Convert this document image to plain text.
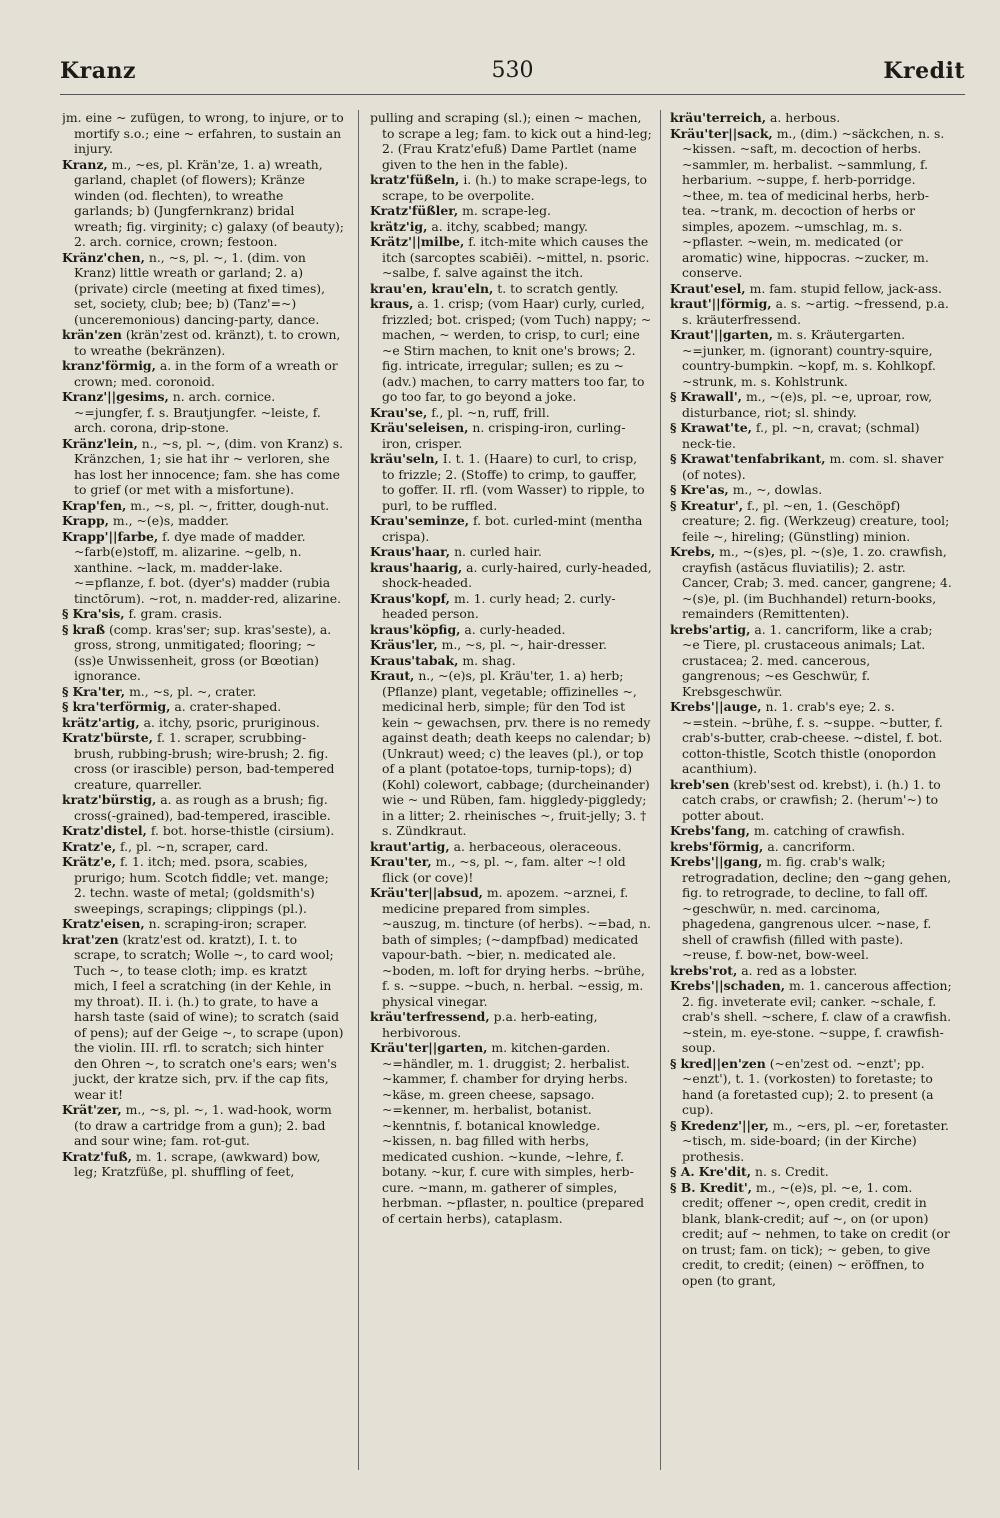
Kranz	530	Kredit

jm. eine ~ zufügen, to wrong, to injure, or to mortify s.o.; eine ~ erfahren, to sustain an injury.

Kranz, m., ~es, pl. Krän'ze, 1. a) wreath, garland, chaplet (of flowers); Kränze winden (od. flechten), to wreathe garlands; b) (Jungfernkranz) bridal wreath; fig. virginity; c) galaxy (of beauty); 2. arch. cornice, crown; festoon.

Kränz'chen, n., ~s, pl. ~, 1. (dim. von Kranz) little wreath or garland; 2. a) (private) circle (meeting at fixed times), set, society, club; bee; b) (Tanz'=~) (unceremonious) dancing-party, dance.

krän'zen (krän'zest od. kränzt), t. to crown, to wreathe (bekränzen).

kranz'förmig, a. in the form of a wreath or crown; med. coronoid.

Kranz'||gesims, n. arch. cornice. ~=jungfer, f. s. Brautjungfer. ~leiste, f. arch. corona, drip-stone.

Kränz'lein, n., ~s, pl. ~, (dim. von Kranz) s. Kränzchen, 1; sie hat ihr ~ verloren, she has lost her innocence; fam. she has come to grief (or met with a misfortune).

Krap'fen, m., ~s, pl. ~, fritter, dough-nut.

Krapp, m., ~(e)s, madder.

Krapp'||farbe, f. dye made of madder. ~farb(e)stoff, m. alizarine. ~gelb, n. xanthine. ~lack, m. madder-lake. ~=pflanze, f. bot. (dyer's) madder (rubia tinctōrum). ~rot, n. madder-red, alizarine.

§ Kra'sis, f. gram. crasis.

§ kraß (comp. kras'ser; sup. kras'seste), a. gross, strong, unmitigated; flooring; ~(ss)e Unwissenheit, gross (or Bœotian) ignorance.

§ Kra'ter, m., ~s, pl. ~, crater.

§ kra'terförmig, a. crater-shaped.

krätz'artig, a. itchy, psoric, pruriginous.

Kratz'bürste, f. 1. scraper, scrubbing-brush, rubbing-brush; wire-brush; 2. fig. cross (or irascible) person, bad-tempered creature, quarreller.

kratz'bürstig, a. as rough as a brush; fig. cross(-grained), bad-tempered, irascible.

Kratz'distel, f. bot. horse-thistle (cirsium).

Kratz'e, f., pl. ~n, scraper, card.

Krätz'e, f. 1. itch; med. psora, scabies, prurigo; hum. Scotch fiddle; vet. mange; 2. techn. waste of metal; (goldsmith's) sweepings, scrapings; clippings (pl.).

Kratz'eisen, n. scraping-iron; scraper.

krat'zen (kratz'est od. kratzt), I. t. to scrape, to scratch; Wolle ~, to card wool; Tuch ~, to tease cloth; imp. es kratzt mich, I feel a scratching (in der Kehle, in my throat). II. i. (h.) to grate, to have a harsh taste (said of wine); to scratch (said of pens); auf der Geige ~, to scrape (upon) the violin. III. rfl. to scratch; sich hinter den Ohren ~, to scratch one's ears; wen's juckt, der kratze sich, prv. if the cap fits, wear it!

Krät'zer, m., ~s, pl. ~, 1. wad-hook, worm (to draw a cartridge from a gun); 2. bad and sour wine; fam. rot-gut.

Kratz'fuß, m. 1. scrape, (awkward) bow, leg; Kratzfüße, pl. shuffling of feet,

pulling and scraping (sl.); einen ~ machen, to scrape a leg; fam. to kick out a hind-leg; 2. (Frau Kratz'efuß) Dame Partlet (name given to the hen in the fable).

kratz'füßeln, i. (h.) to make scrape-legs, to scrape, to be overpolite.

Kratz'füßler, m. scrape-leg.

krätz'ig, a. itchy, scabbed; mangy.

Krätz'||milbe, f. itch-mite which causes the itch (sarcoptes scabiēi). ~mittel, n. psoric. ~salbe, f. salve against the itch.

krau'en, krau'eln, t. to scratch gently.

kraus, a. 1. crisp; (vom Haar) curly, curled, frizzled; bot. crisped; (vom Tuch) nappy; ~ machen, ~ werden, to crisp, to curl; eine ~e Stirn machen, to knit one's brows; 2. fig. intricate, irregular; sullen; es zu ~ (adv.) machen, to carry matters too far, to go too far, to go beyond a joke.

Krau'se, f., pl. ~n, ruff, frill.

Kräu'seleisen, n. crisping-iron, curling-iron, crisper.

kräu'seln, I. t. 1. (Haare) to curl, to crisp, to frizzle; 2. (Stoffe) to crimp, to gauffer, to goffer. II. rfl. (vom Wasser) to ripple, to purl, to be ruffled.

Krau'seminze, f. bot. curled-mint (mentha crispa).

Kraus'haar, n. curled hair.

kraus'haarig, a. curly-haired, curly-headed, shock-headed.

Kraus'kopf, m. 1. curly head; 2. curly-headed person.

kraus'köpfig, a. curly-headed.

Kräus'ler, m., ~s, pl. ~, hair-dresser.

Kraus'tabak, m. shag.

Kraut, n., ~(e)s, pl. Kräu'ter, 1. a) herb; (Pflanze) plant, vegetable; offizinelles ~, medicinal herb, simple; für den Tod ist kein ~ gewachsen, prv. there is no remedy against death; death keeps no calendar; b) (Unkraut) weed; c) the leaves (pl.), or top of a plant (potatoe-tops, turnip-tops); d) (Kohl) colewort, cabbage; (durcheinander) wie ~ und Rüben, fam. higgledy-piggledy; in a litter; 2. rheinisches ~, fruit-jelly; 3. † s. Zündkraut.

kraut'artig, a. herbaceous, oleraceous.

Krau'ter, m., ~s, pl. ~, fam. alter ~! old flick (or cove)!

Kräu'ter||absud, m. apozem. ~arznei, f. medicine prepared from simples. ~auszug, m. tincture (of herbs). ~=bad, n. bath of simples; (~dampfbad) medicated vapour-bath. ~bier, n. medicated ale. ~boden, m. loft for drying herbs. ~brühe, f. s. ~suppe. ~buch, n. herbal. ~essig, m. physical vinegar.

kräu'terfressend, p.a. herb-eating, herbivorous.

Kräu'ter||garten, m. kitchen-garden. ~=händler, m. 1. druggist; 2. herbalist. ~kammer, f. chamber for drying herbs. ~käse, m. green cheese, sapsago. ~=kenner, m. herbalist, botanist. ~kenntnis, f. botanical knowledge. ~kissen, n. bag filled with herbs, medicated cushion. ~kunde, ~lehre, f. botany. ~kur, f. cure with simples, herb-cure. ~mann, m. gatherer of simples, herbman. ~pflaster, n. poultice (prepared of certain herbs), cataplasm.

kräu'terreich, a. herbous.

Kräu'ter||sack, m., (dim.) ~säckchen, n. s. ~kissen. ~saft, m. decoction of herbs. ~sammler, m. herbalist. ~sammlung, f. herbarium. ~suppe, f. herb-porridge. ~thee, m. tea of medicinal herbs, herb-tea. ~trank, m. decoction of herbs or simples, apozem. ~umschlag, m. s. ~pflaster. ~wein, m. medicated (or aromatic) wine, hippocras. ~zucker, m. conserve.

Kraut'esel, m. fam. stupid fellow, jack-ass.

kraut'||förmig, a. s. ~artig. ~fressend, p.a. s. kräuterfressend.

Kraut'||garten, m. s. Kräutergarten. ~=junker, m. (ignorant) country-squire, country-bumpkin. ~kopf, m. s. Kohlkopf. ~strunk, m. s. Kohlstrunk.

§ Krawall', m., ~(e)s, pl. ~e, uproar, row, disturbance, riot; sl. shindy.

§ Krawat'te, f., pl. ~n, cravat; (schmal) neck-tie.

§ Krawat'tenfabrikant, m. com. sl. shaver (of notes).

§ Kre'as, m., ~, dowlas.

§ Kreatur', f., pl. ~en, 1. (Geschöpf) creature; 2. fig. (Werkzeug) creature, tool; feile ~, hireling; (Günstling) minion.

Krebs, m., ~(s)es, pl. ~(s)e, 1. zo. crawfish, crayfish (astăcus fluviatilis); 2. astr. Cancer, Crab; 3. med. cancer, gangrene; 4. ~(s)e, pl. (im Buchhandel) return-books, remainders (Remittenten).

krebs'artig, a. 1. cancriform, like a crab; ~e Tiere, pl. crustaceous animals; Lat. crustacea; 2. med. cancerous, gangrenous; ~es Geschwür, f. Krebsgeschwür.

Krebs'||auge, n. 1. crab's eye; 2. s. ~=stein. ~brühe, f. s. ~suppe. ~butter, f. crab's-butter, crab-cheese. ~distel, f. bot. cotton-thistle, Scotch thistle (onopordon acanthium).

kreb'sen (kreb'sest od. krebst), i. (h.) 1. to catch crabs, or crawfish; 2. (herum'~) to potter about.

Krebs'fang, m. catching of crawfish.

krebs'förmig, a. cancriform.

Krebs'||gang, m. fig. crab's walk; retrogradation, decline; den ~gang gehen, fig. to retrograde, to decline, to fall off. ~geschwür, n. med. carcinoma, phagedena, gangrenous ulcer. ~nase, f. shell of crawfish (filled with paste). ~reuse, f. bow-net, bow-weel.

krebs'rot, a. red as a lobster.

Krebs'||schaden, m. 1. cancerous affection; 2. fig. inveterate evil; canker. ~schale, f. crab's shell. ~schere, f. claw of a crawfish. ~stein, m. eye-stone. ~suppe, f. crawfish-soup.

§ kred||en'zen (~en'zest od. ~enzt'; pp. ~enzt'), t. 1. (vorkosten) to foretaste; to hand (a foretasted cup); 2. to present (a cup).

§ Kredenz'||er, m., ~ers, pl. ~er, foretaster. ~tisch, m. side-board; (in der Kirche) prothesis.

§ A. Kre'dit, n. s. Credit.

§ B. Kredit', m., ~(e)s, pl. ~e, 1. com. credit; offener ~, open credit, credit in blank, blank-credit; auf ~, on (or upon) credit; auf ~ nehmen, to take on credit (or on trust; fam. on tick); ~ geben, to give credit, to credit; (einen) ~ eröffnen, to open (to grant,
